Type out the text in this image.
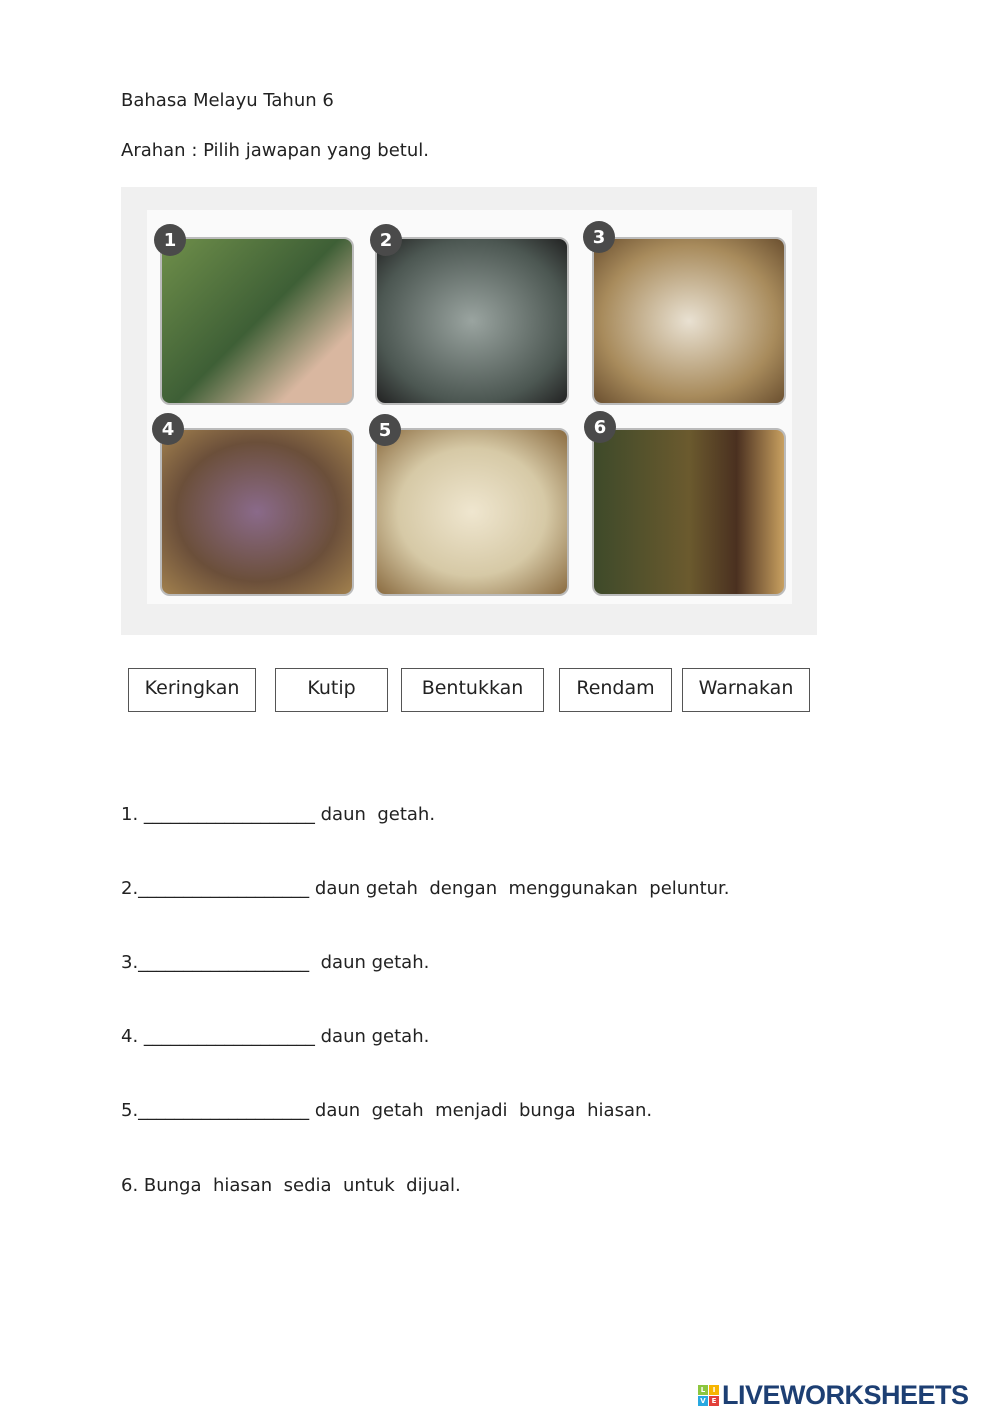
Bahasa Melayu Tahun 6
Arahan : Pilih jawapan yang betul.
1	2	3
4	5	6
Keringkan	Kutip	Bentukkan	Rendam	Warnakan
1. ___________________ daun  getah.
2.___________________ daun getah  dengan  menggunakan  peluntur.
3.___________________  daun getah.
4. ___________________ daun getah.
5.___________________ daun  getah  menjadi  bunga  hiasan.
6. Bunga  hiasan  sedia  untuk  dijual.
L	I
V E LIVEWORKSHEETS
